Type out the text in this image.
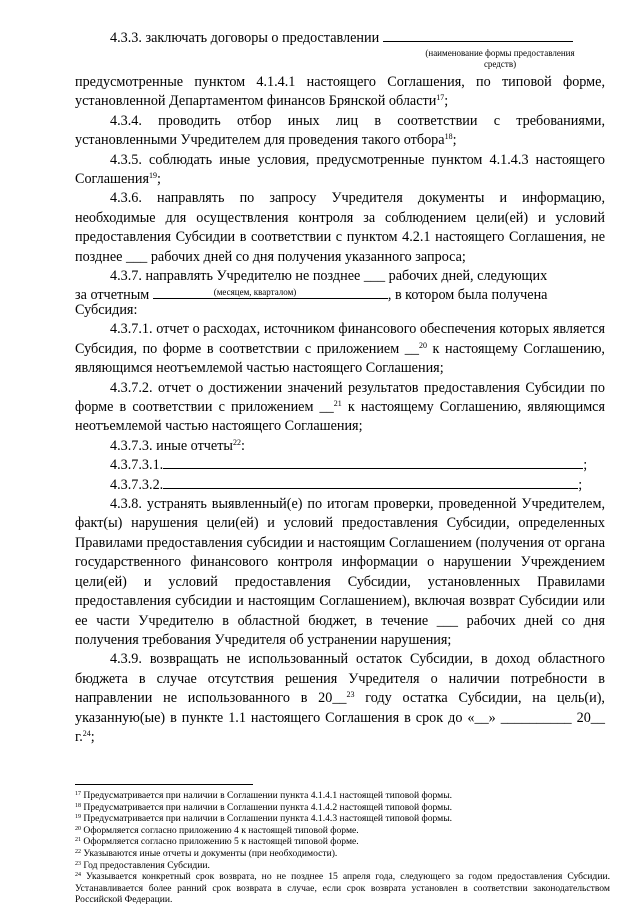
4.3.3. заключать договоры о предоставлении

(наименование формы предоставления средств)

предусмотренные пунктом 4.1.4.1 настоящего Соглашения, по типовой форме, установленной Департаментом финансов Брянской области$^{17}$;

4.3.4. проводить отбор иных лиц в соответствии с требованиями, установленными Учредителем для проведения такого отбора$^{18}$;

4.3.5. соблюдать иные условия, предусмотренные пунктом 4.1.4.3 настоящего Соглашения$^{19}$;

4.3.6. направлять по запросу Учредителя документы и информацию, необходимые для осуществления контроля за соблюдением цели(ей) и условий предоставления Субсидии в соответствии с пунктом 4.2.1 настоящего Соглашения, не позднее ___ рабочих дней со дня получения указанного запроса;

4.3.7. направлять Учредителю не позднее ___ рабочих дней, следующих

за отчетным	, в котором была получена

(месяцем, кварталом)

Субсидия:

4.3.7.1. отчет о расходах, источником финансового обеспечения которых является Субсидия, по форме в соответствии с приложением __$^{20}$ к настоящему Соглашению, являющимся неотъемлемой частью настоящего Соглашения;

4.3.7.2. отчет о достижении значений результатов предоставления Субсидии по форме в соответствии с приложением __$^{21}$ к настоящему Соглашению, являющимся неотъемлемой частью настоящего Соглашения;

4.3.7.3. иные отчеты$^{22}$:

4.3.7.3.1.	;

4.3.7.3.2.	;

4.3.8. устранять выявленный(е) по итогам проверки, проведенной Учредителем, факт(ы) нарушения цели(ей) и условий предоставления Субсидии, определенных Правилами предоставления субсидии и настоящим Соглашением (получения от органа государственного финансового контроля информации о нарушении Учреждением цели(ей) и условий предоставления Субсидии, установленных Правилами предоставления субсидии и настоящим Соглашением), включая возврат Субсидии или ее части Учредителю в областной бюджет, в течение ___ рабочих дней со дня получения требования Учредителя об устранении нарушения;

4.3.9. возвращать не использованный остаток Субсидии, в доход областного бюджета в случае отсутствия решения Учредителя о наличии потребности в направлении не использованного в 20__$^{23}$ году остатка Субсидии, на цель(и), указанную(ые) в пункте 1.1 настоящего Соглашения в срок до «__» __________ 20__ г.$^{24}$;

$^{17}$ Предусматривается при наличии в Соглашении пункта 4.1.4.1 настоящей типовой формы.

$^{18}$ Предусматривается при наличии в Соглашении пункта 4.1.4.2 настоящей типовой формы.

$^{19}$ Предусматривается при наличии в Соглашении пункта 4.1.4.3 настоящей типовой формы.

$^{20}$ Оформляется согласно приложению 4 к настоящей типовой форме.

$^{21}$ Оформляется согласно приложению 5 к настоящей типовой форме.

$^{22}$ Указываются иные отчеты и документы (при необходимости).

$^{23}$ Год предоставления Субсидии.

$^{24}$ Указывается конкретный срок возврата, но не позднее 15 апреля года, следующего за годом предоставления Субсидии. Устанавливается более ранний срок возврата в случае, если срок возврата установлен в соответствии законодательством Российской Федерации.
